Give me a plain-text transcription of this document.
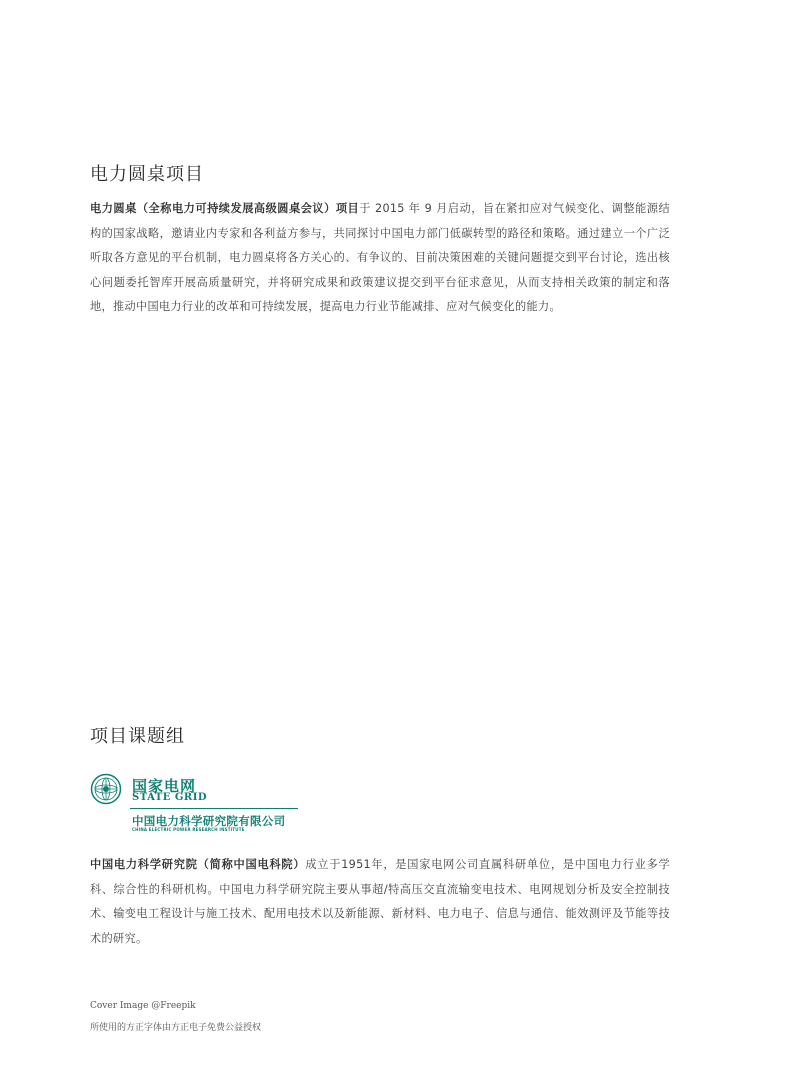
电力圆桌项目

电力圆桌（全称电力可持续发展高级圆桌会议）项目于 2015 年 9 月启动，旨在紧扣应对气候变化、调整能源结构的国家战略，邀请业内专家和各利益方参与，共同探讨中国电力部门低碳转型的路径和策略。通过建立一个广泛听取各方意见的平台机制，电力圆桌将各方关心的、有争议的、目前决策困难的关键问题提交到平台讨论，选出核心问题委托智库开展高质量研究，并将研究成果和政策建议提交到平台征求意见，从而支持相关政策的制定和落地，推动中国电力行业的改革和可持续发展，提高电力行业节能减排、应对气候变化的能力。

项目课题组
国家电网
STATE GRID
中国电力科学研究院有限公司
CHINA ELECTRIC POWER RESEARCH INSTITUTE

中国电力科学研究院（简称中国电科院）成立于1951年，是国家电网公司直属科研单位，是中国电力行业多学科、综合性的科研机构。中国电力科学研究院主要从事超/特高压交直流输变电技术、电网规划分析及安全控制技术、输变电工程设计与施工技术、配用电技术以及新能源、新材料、电力电子、信息与通信、能效测评及节能等技术的研究。

Cover Image @Freepik
所使用的方正字体由方正电子免费公益授权
